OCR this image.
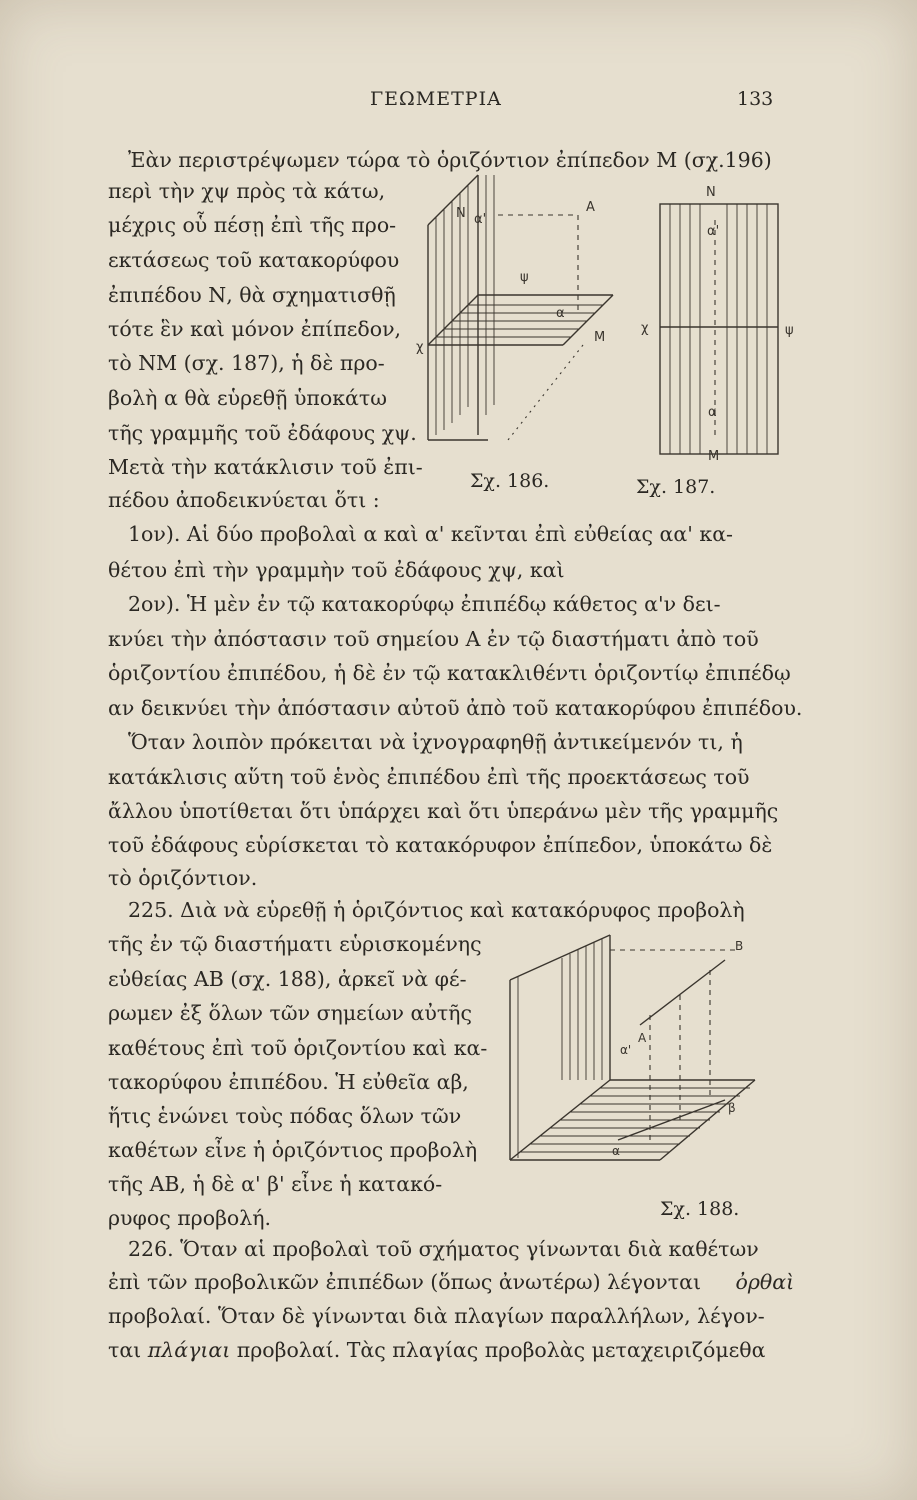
ΓΕΩΜΕΤΡΙΑ	133
Ἐὰν περιστρέψωμεν τώρα τὸ ὁριζόντιον ἐπίπεδον Μ (σχ.196)
περὶ τὴν χψ πρὸς τὰ κάτω,
μέχρις οὗ πέσῃ ἐπὶ τῆς προ-
εκτάσεως τοῦ κατακορύφου
ἐπιπέδου Ν, θὰ σχηματισθῇ
τότε ἓν καὶ μόνον ἐπίπεδον,
τὸ ΝΜ (σχ. 187), ἡ δὲ προ-
βολὴ α θὰ εὑρεθῇ ὑποκάτω
τῆς γραμμῆς τοῦ ἐδάφους χψ.
Μετὰ τὴν κατάκλισιν τοῦ ἐπι-
πέδου ἀποδεικνύεται ὅτι :
Ν α'
Α
ψ
α
Μ
χ
Σχ. 186.
Ν
α'
χ	ψ
α
Μ
Σχ. 187.
1ον). Αἱ δύο προβολαὶ α καὶ α' κεῖνται ἐπὶ εὐθείας αα' κα-
θέτου ἐπὶ τὴν γραμμὴν τοῦ ἐδάφους χψ, καὶ
2ον). Ἡ μὲν ἐν τῷ κατακορύφῳ ἐπιπέδῳ κάθετος α'ν δει-
κνύει τὴν ἀπόστασιν τοῦ σημείου Α ἐν τῷ διαστήματι ἀπὸ τοῦ
ὁριζοντίου ἐπιπέδου, ἡ δὲ ἐν τῷ κατακλιθέντι ὁριζοντίῳ ἐπιπέδῳ
αν δεικνύει τὴν ἀπόστασιν αὐτοῦ ἀπὸ τοῦ κατακορύφου ἐπιπέδου.
Ὅταν λοιπὸν πρόκειται νὰ ἰχνογραφηθῇ ἀντικείμενόν τι, ἡ
κατάκλισις αὕτη τοῦ ἑνὸς ἐπιπέδου ἐπὶ τῆς προεκτάσεως τοῦ
ἄλλου ὑποτίθεται ὅτι ὑπάρχει καὶ ὅτι ὑπεράνω μὲν τῆς γραμμῆς
τοῦ ἐδάφους εὑρίσκεται τὸ κατακόρυφον ἐπίπεδον, ὑποκάτω δὲ
τὸ ὁριζόντιον.
225. Διὰ νὰ εὑρεθῇ ἡ ὁριζόντιος καὶ κατακόρυφος προβολὴ
τῆς ἐν τῷ διαστήματι εὑρισκομένης
εὐθείας ΑΒ (σχ. 188), ἀρκεῖ νὰ φέ-
ρωμεν ἐξ ὅλων τῶν σημείων αὐτῆς
καθέτους ἐπὶ τοῦ ὁριζοντίου καὶ κα-
τακορύφου ἐπιπέδου. Ἡ εὐθεῖα αβ,
ἥτις ἑνώνει τοὺς πόδας ὅλων τῶν
καθέτων εἶνε ἡ ὁριζόντιος προβολὴ
τῆς ΑΒ, ἡ δὲ α' β' εἶνε ἡ κατακό-
ρυφος προβολή.
Β
Α
α'
β
α
Σχ. 188.
226. Ὅταν αἱ προβολαὶ τοῦ σχήματος γίνωνται διὰ καθέτων
ἐπὶ τῶν προβολικῶν ἐπιπέδων (ὅπως ἀνωτέρω) λέγονται ὀρθαὶ
προβολαί. Ὅταν δὲ γίνωνται διὰ πλαγίων παραλλήλων, λέγον-
ται πλάγιαι προβολαί. Τὰς πλαγίας προβολὰς μεταχειριζόμεθα
